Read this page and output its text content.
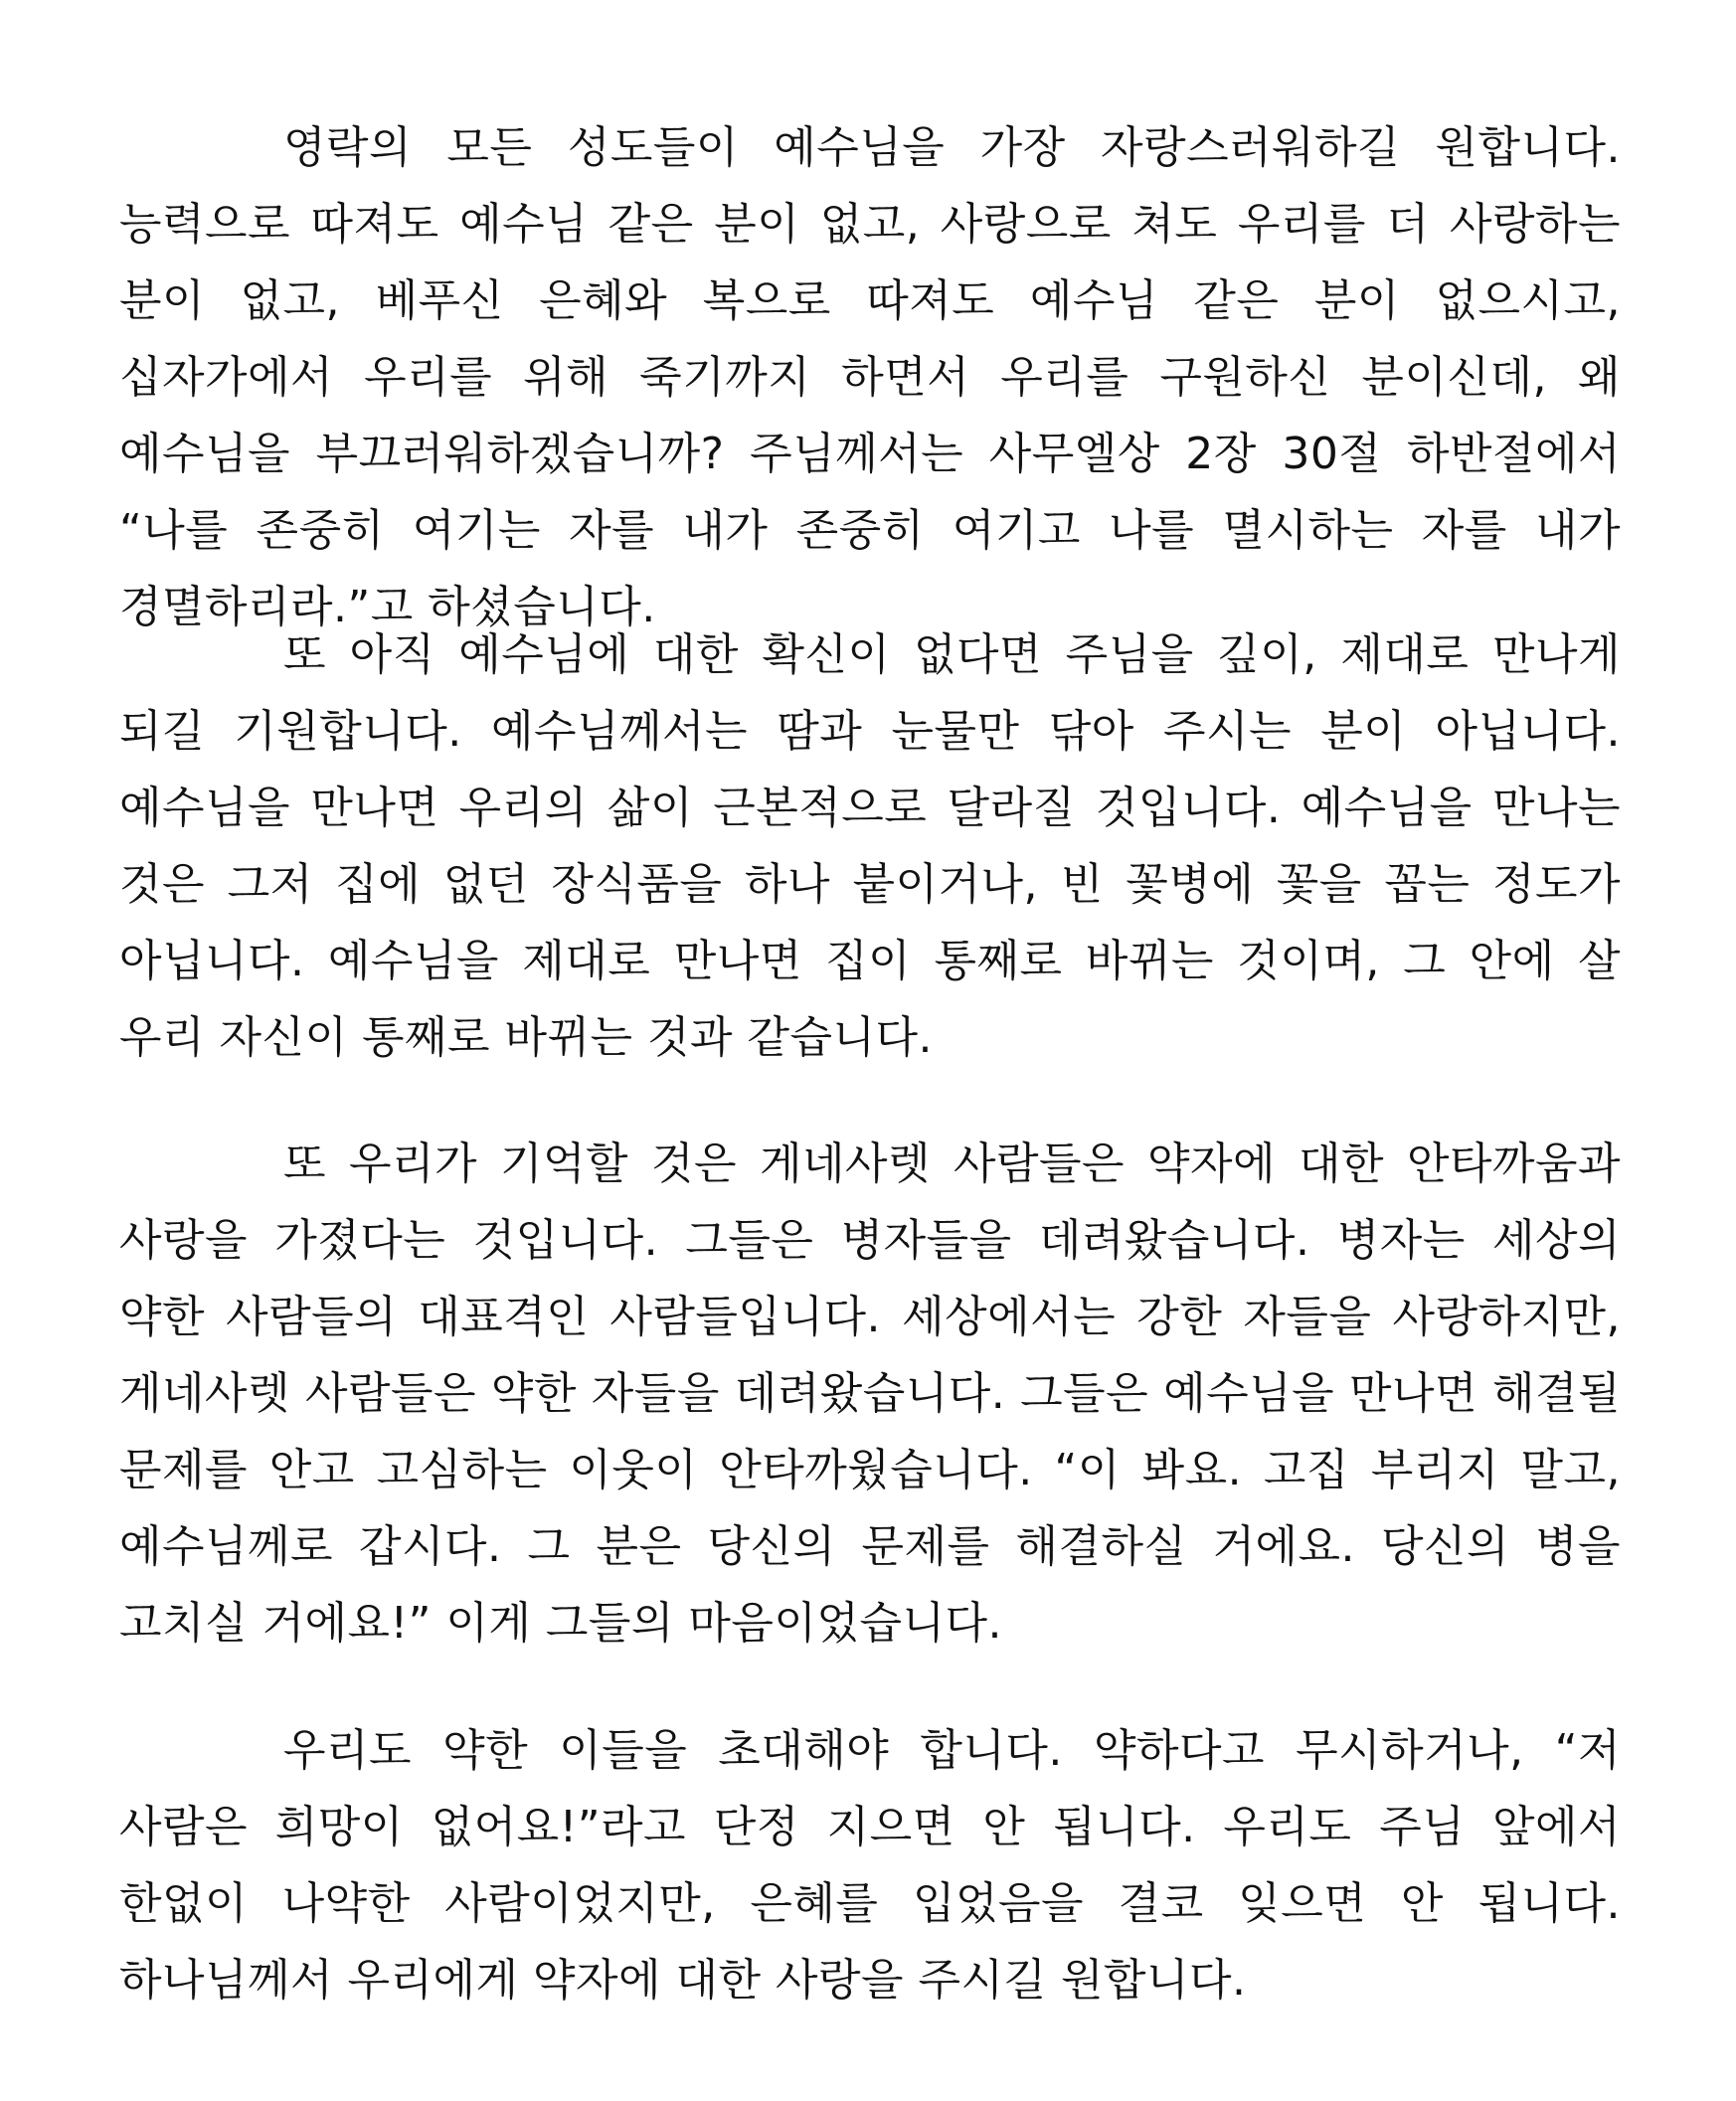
영락의 모든 성도들이 예수님을 가장 자랑스러워하길 원합니다. 능력으로 따져도 예수님 같은 분이 없고, 사랑으로 쳐도 우리를 더 사랑하는 분이 없고, 베푸신 은혜와 복으로 따져도 예수님 같은 분이 없으시고, 십자가에서 우리를 위해 죽기까지 하면서 우리를 구원하신 분이신데, 왜 예수님을 부끄러워하겠습니까? 주님께서는 사무엘상 2장 30절 하반절에서 “나를 존중히 여기는 자를 내가 존중히 여기고 나를 멸시하는 자를 내가 경멸하리라.”고 하셨습니다.

또 아직 예수님에 대한 확신이 없다면 주님을 깊이, 제대로 만나게 되길 기원합니다. 예수님께서는 땀과 눈물만 닦아 주시는 분이 아닙니다. 예수님을 만나면 우리의 삶이 근본적으로 달라질 것입니다. 예수님을 만나는 것은 그저 집에 없던 장식품을 하나 붙이거나, 빈 꽃병에 꽃을 꼽는 정도가 아닙니다. 예수님을 제대로 만나면 집이 통째로 바뀌는 것이며, 그 안에 살 우리 자신이 통째로 바뀌는 것과 같습니다.

또 우리가 기억할 것은 게네사렛 사람들은 약자에 대한 안타까움과 사랑을 가졌다는 것입니다. 그들은 병자들을 데려왔습니다. 병자는 세상의 약한 사람들의 대표격인 사람들입니다. 세상에서는 강한 자들을 사랑하지만, 게네사렛 사람들은 약한 자들을 데려왔습니다. 그들은 예수님을 만나면 해결될 문제를 안고 고심하는 이웃이 안타까웠습니다. “이 봐요. 고집 부리지 말고, 예수님께로 갑시다. 그 분은 당신의 문제를 해결하실 거에요. 당신의 병을 고치실 거에요!” 이게 그들의 마음이었습니다.

우리도 약한 이들을 초대해야 합니다. 약하다고 무시하거나, “저 사람은 희망이 없어요!”라고 단정 지으면 안 됩니다. 우리도 주님 앞에서 한없이 나약한 사람이었지만, 은혜를 입었음을 결코 잊으면 안 됩니다. 하나님께서 우리에게 약자에 대한 사랑을 주시길 원합니다.
